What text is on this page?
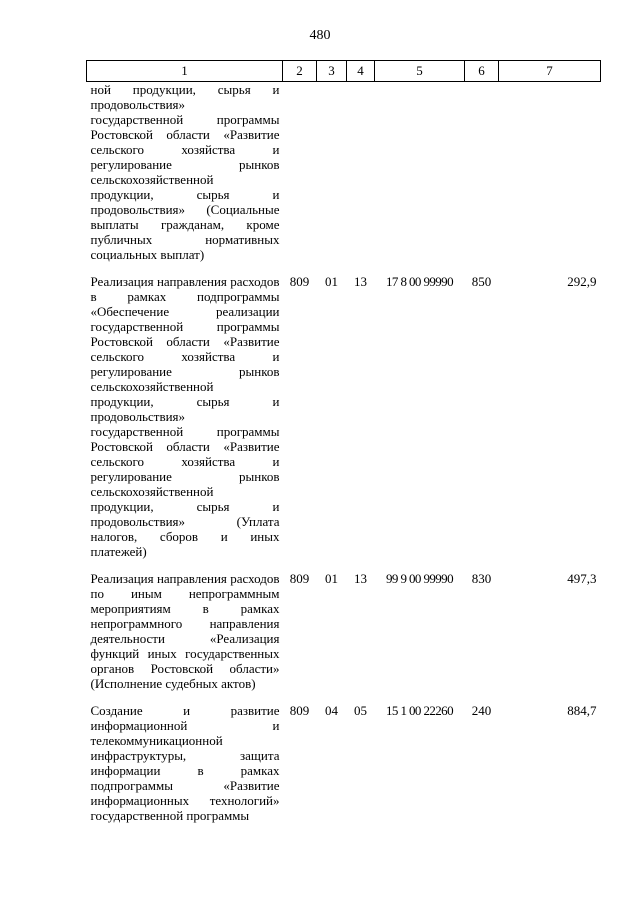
480
1	2	3	4	5	6	7
ной продукции, сырья и продовольствия» государственной программы Ростовской области «Развитие сельского хозяйства и регулирование рынков сельскохозяйственной продукции, сырья и продовольствия» (Социальные выплаты гражданам, кроме публичных нормативных социальных выплат)						
Реализация направления расходов в рамках подпрограммы «Обеспечение реализации государственной программы Ростовской области «Развитие сельского хозяйства и регулирование рынков сельскохозяйственной продукции, сырья и продовольствия» государственной программы Ростовской области «Развитие сельского хозяйства и регулирование рынков сельскохозяйственной продукции, сырья и продовольствия» (Уплата налогов, сборов и иных платежей)	809	01	13	17 8 00 99990	850	292,9
Реализация направления расходов по иным непрограммным мероприятиям в рамках непрограммного направления деятельности «Реализация функций иных государственных органов Ростовской области» (Исполнение судебных актов)	809	01	13	99 9 00 99990	830	497,3
Создание и развитие информационной и телекоммуникационной инфраструктуры, защита информации в рамках подпрограммы «Развитие информационных технологий» государственной программы	809	04	05	15 1 00 22260	240	884,7
